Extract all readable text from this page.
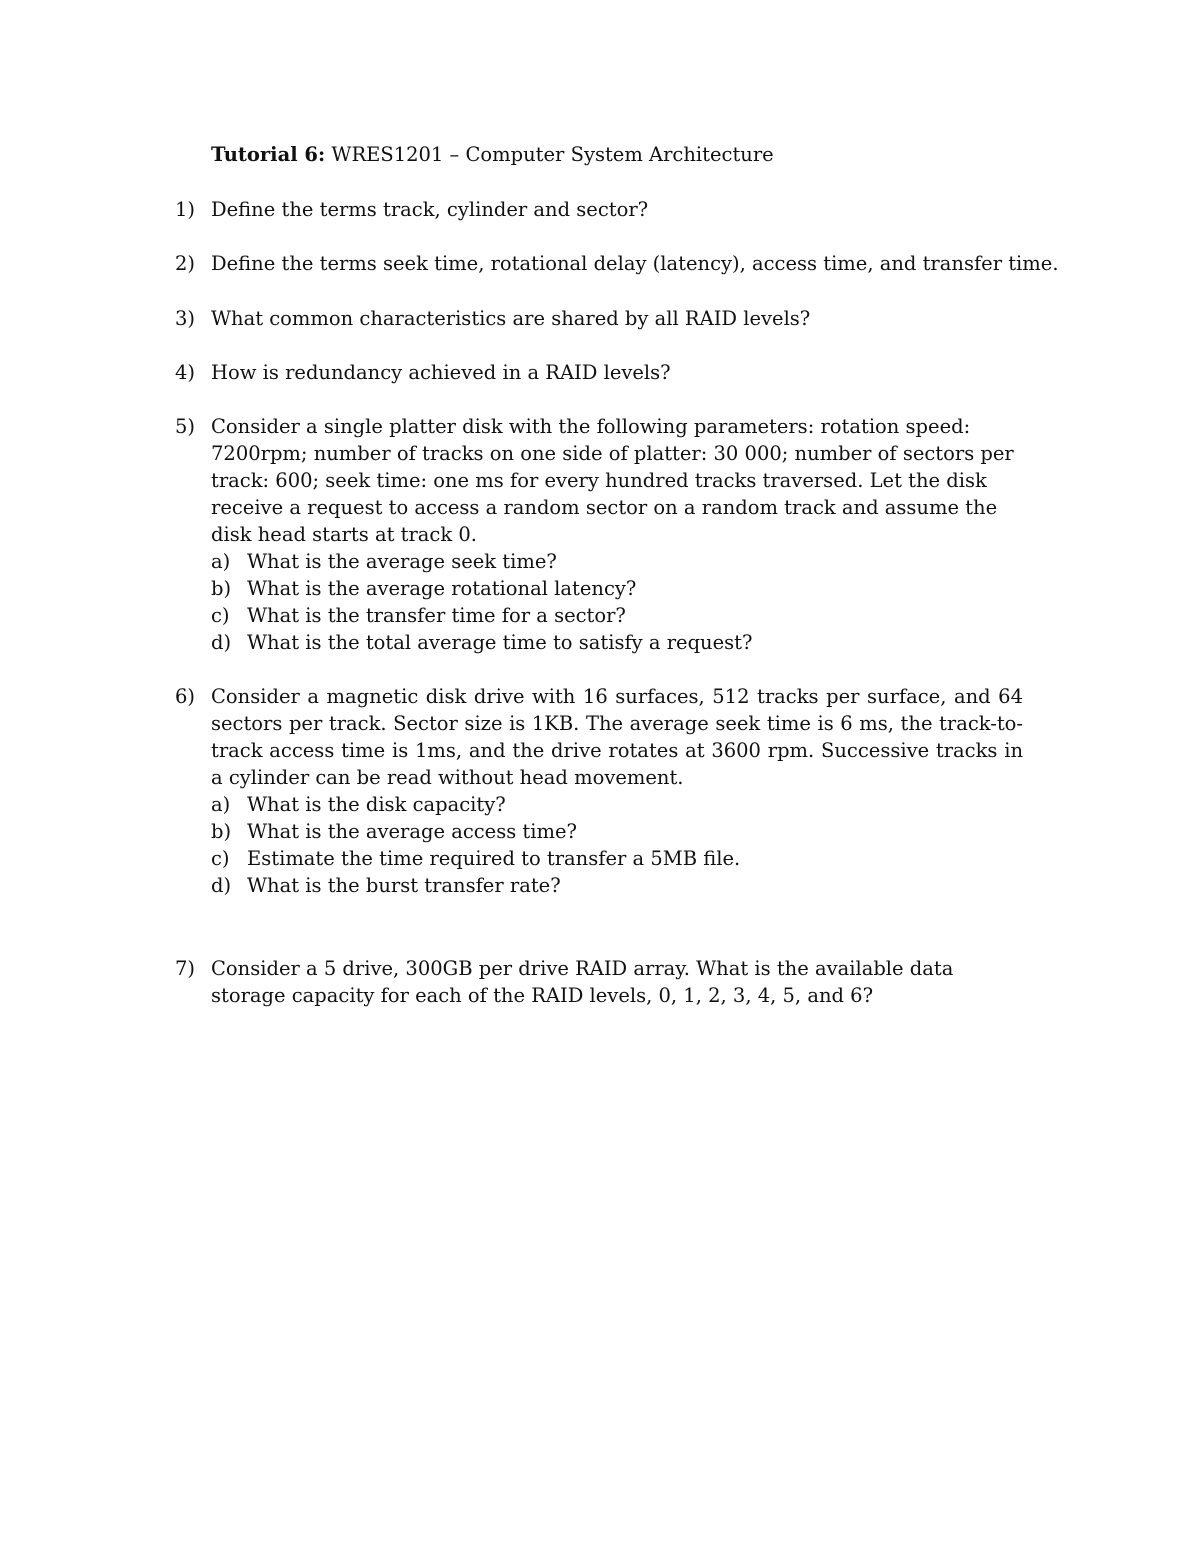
Tutorial 6: WRES1201 – Computer System Architecture
1) Define the terms track, cylinder and sector?
2) Define the terms seek time, rotational delay (latency), access time, and transfer time.
3) What common characteristics are shared by all RAID levels?
4) How is redundancy achieved in a RAID levels?
5) Consider a single platter disk with the following parameters: rotation speed: 7200rpm; number of tracks on one side of platter: 30 000; number of sectors per track: 600; seek time: one ms for every hundred tracks traversed. Let the disk receive a request to access a random sector on a random track and assume the disk head starts at track 0.
a) What is the average seek time?
b) What is the average rotational latency?
c) What is the transfer time for a sector?
d) What is the total average time to satisfy a request?
6) Consider a magnetic disk drive with 16 surfaces, 512 tracks per surface, and 64 sectors per track. Sector size is 1KB. The average seek time is 6 ms, the track-to-track access time is 1ms, and the drive rotates at 3600 rpm. Successive tracks in a cylinder can be read without head movement.
a) What is the disk capacity?
b) What is the average access time?
c) Estimate the time required to transfer a 5MB file.
d) What is the burst transfer rate?
7) Consider a 5 drive, 300GB per drive RAID array. What is the available data storage capacity for each of the RAID levels, 0, 1, 2, 3, 4, 5, and 6?
